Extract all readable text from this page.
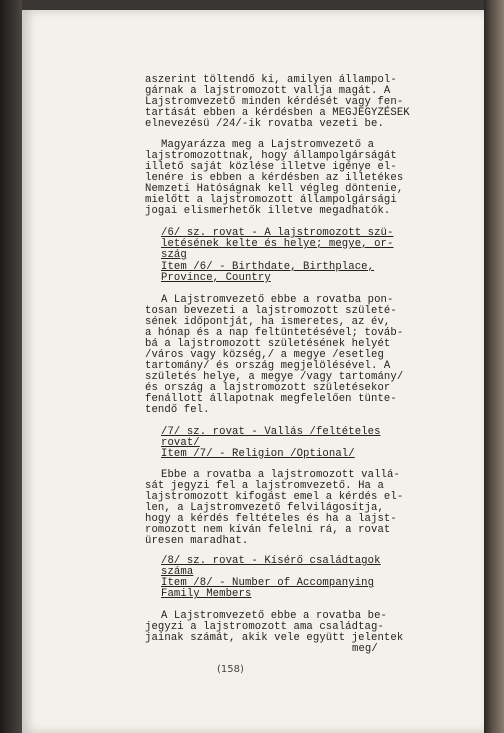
aszerint töltendő ki, amilyen állampol-
gárnak a lajstromozott vallja magát. A
Lajstromvezető minden kérdését vagy fen-
tartását ebben a kérdésben a MEGJEGYZÉSEK
elnevezésü /24/-ik rovatba vezeti be.
Magyarázza meg a Lajstromvezető a
lajstromozottnak, hogy állampolgárságát
illető saját közlése illetve igénye el-
lenére is ebben a kérdésben az illetékes
Nemzeti Hatóságnak kell végleg döntenie,
mielőtt a lajstromozott állampolgársági
jogai elismerhetők illetve megadhatók.
/6/ sz. rovat - A lajstromozott szü-
letésének kelte és helye; megye, or-
szág
Item /6/ - Birthdate, Birthplace,
Province, Country
A Lajstromvezető ebbe a rovatba pon-
tosan bevezeti a lajstromozott születé-
sének időpontját, ha ismeretes, az év,
a hónap és a nap feltüntetésével; továb-
bá a lajstromozott születésének helyét
/város vagy község,/ a megye /esetleg
tartomány/ és ország megjelölésével. A
születés helye, a megye /vagy tartomány/
és ország a lajstromozott születésekor
fenállott állapotnak megfelelően tünte-
tendő fel.
/7/ sz. rovat - Vallás /feltételes
rovat/
Item /7/ - Religion /Optional/
Ebbe a rovatba a lajstromozott vallá-
sát jegyzi fel a lajstromvezető. Ha a
lajstromozott kifogást emel a kérdés el-
len, a Lajstromvezető felvilágosítja,
hogy a kérdés feltételes és ha a lajst-
romozott nem kíván felelni rá, a rovat
üresen maradhat.
/8/ sz. rovat - Kísérő családtagok
száma
Item /8/ - Number of Accompanying
Family Members
A Lajstromvezető ebbe a rovatba be-
jegyzi a lajstromozott ama családtag-
jainak számát, akik vele együtt jelentek
meg/
(158)
